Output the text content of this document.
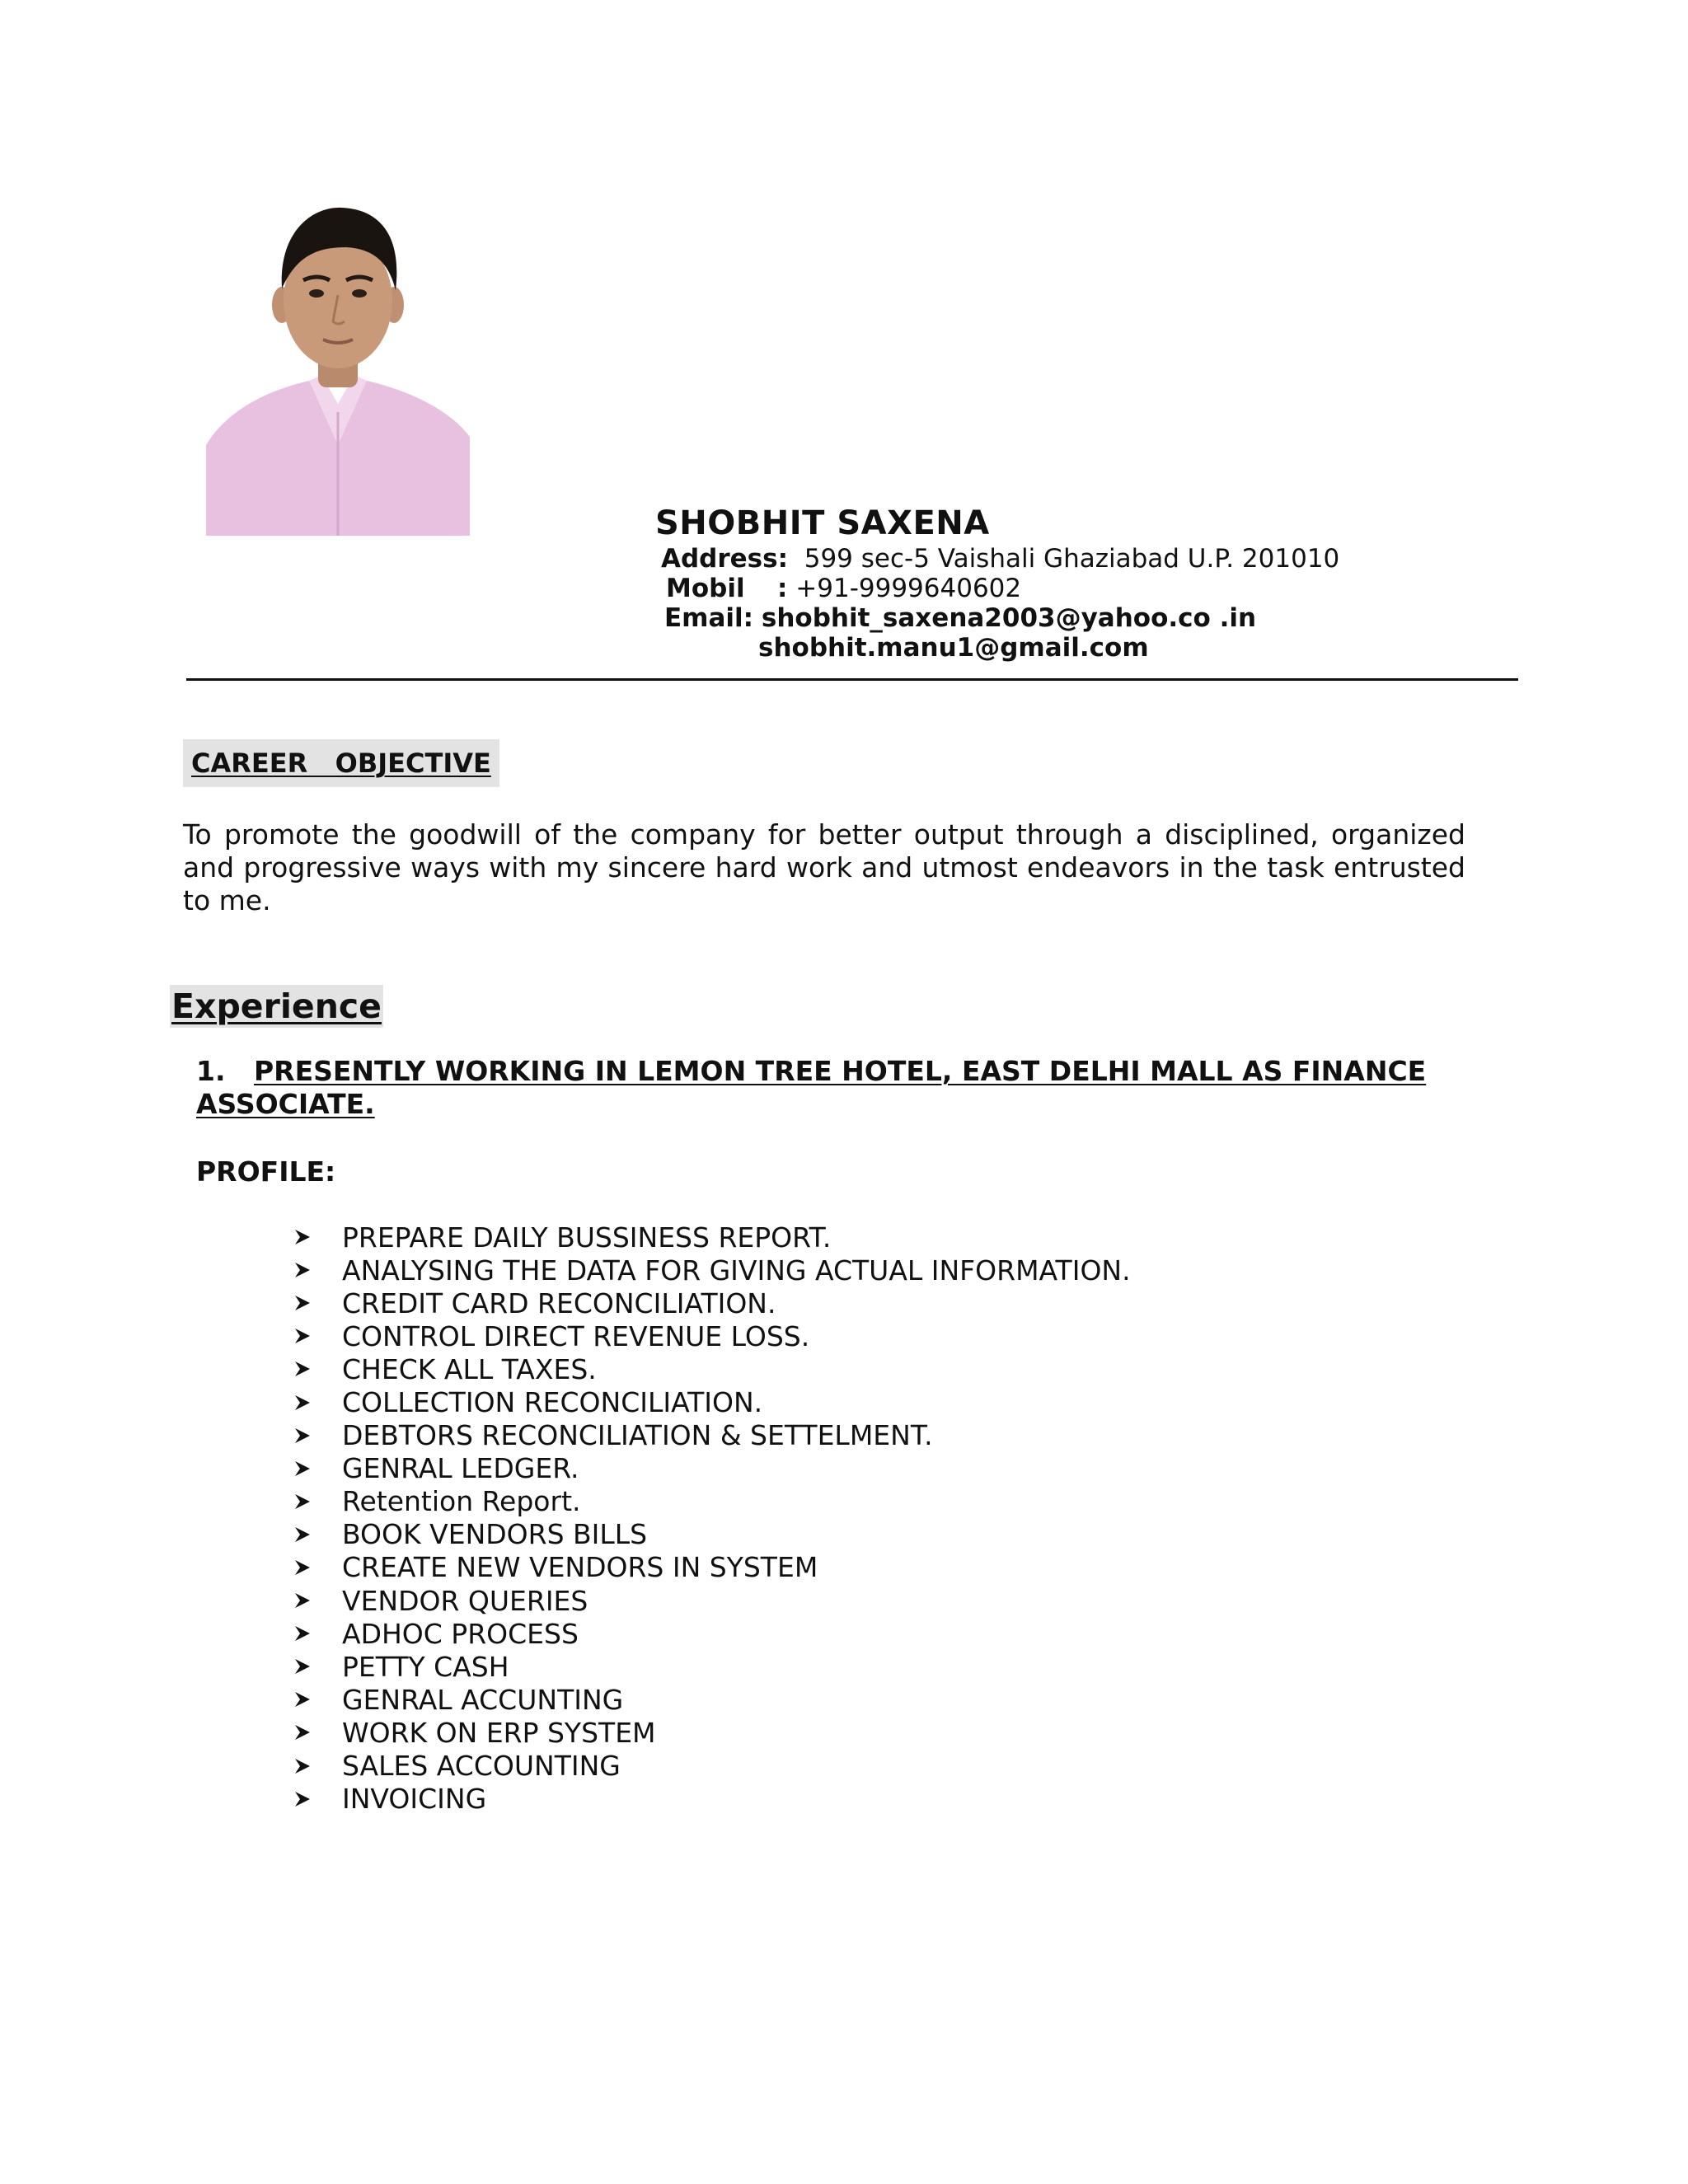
SHOBHIT SAXENA
Address: 599 sec-5 Vaishali Ghaziabad U.P. 201010
Mobil : +91-9999640602
Email: shobhit_saxena2003@yahoo.co .in
shobhit.manu1@gmail.com
CAREER   OBJECTIVE
To promote the goodwill of the company for better output through a disciplined, organized and progressive ways with my sincere hard work and utmost endeavors in the task entrusted to me.
Experience
1. PRESENTLY WORKING IN LEMON TREE HOTEL, EAST DELHI MALL AS FINANCE ASSOCIATE.
PROFILE:
PREPARE DAILY BUSSINESS REPORT.
ANALYSING THE DATA FOR GIVING ACTUAL INFORMATION.
CREDIT CARD RECONCILIATION.
CONTROL DIRECT REVENUE LOSS.
CHECK ALL TAXES.
COLLECTION RECONCILIATION.
DEBTORS RECONCILIATION & SETTELMENT.
GENRAL LEDGER.
Retention Report.
BOOK VENDORS BILLS
CREATE NEW VENDORS IN SYSTEM
VENDOR QUERIES
ADHOC PROCESS
PETTY CASH
GENRAL ACCUNTING
WORK ON ERP SYSTEM
SALES ACCOUNTING
INVOICING
